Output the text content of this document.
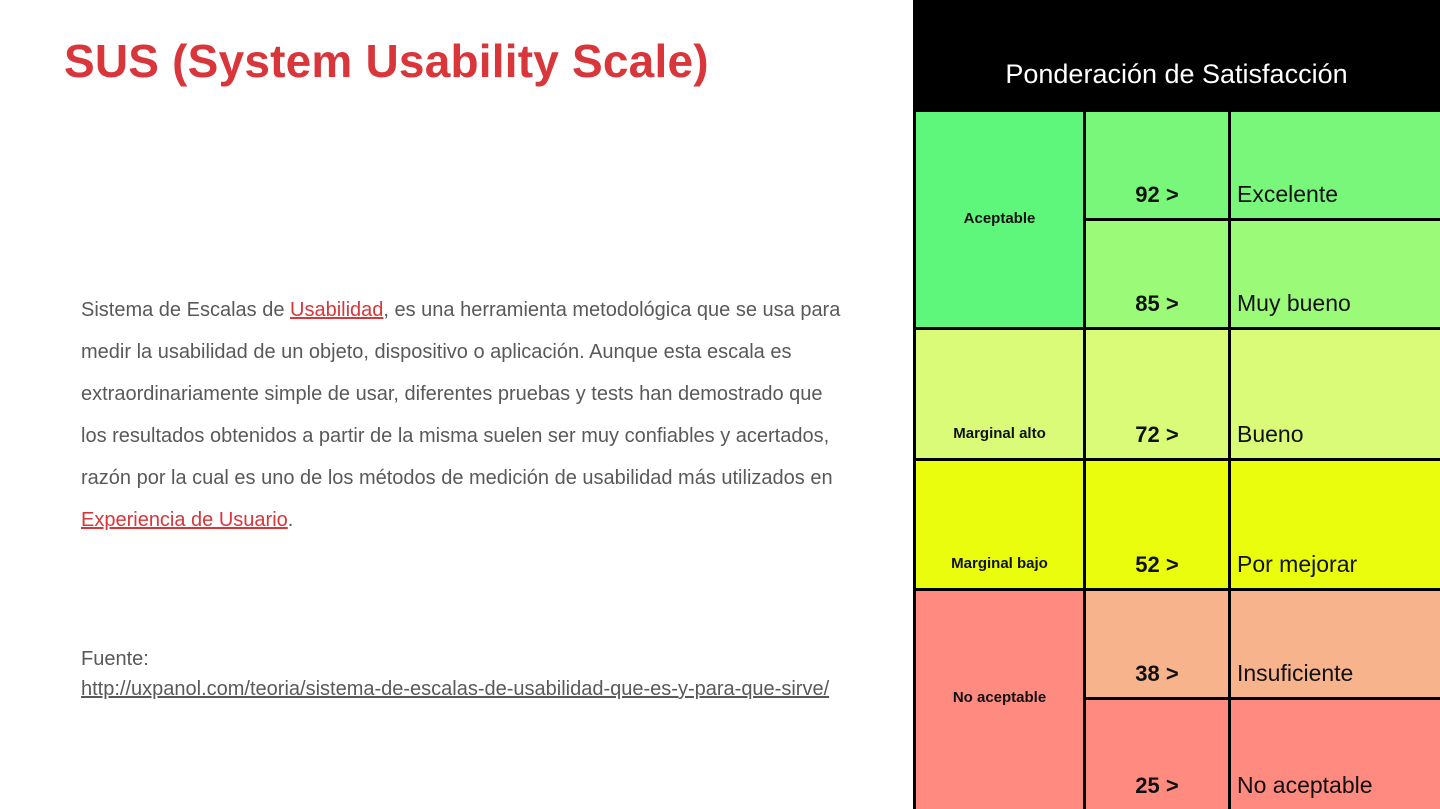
SUS (System Usability Scale)

Sistema de Escalas de Usabilidad, es una herramienta metodológica que se usa para medir la usabilidad de un objeto, dispositivo o aplicación. Aunque esta escala es extraordinariamente simple de usar, diferentes pruebas y tests han demostrado que los resultados obtenidos a partir de la misma suelen ser muy confiables y acertados, razón por la cual es uno de los métodos de medición de usabilidad más utilizados en Experiencia de Usuario.

Fuente:
http://uxpanol.com/teoria/sistema-de-escalas-de-usabilidad-que-es-y-para-que-sirve/
Ponderación de Satisfacción
Aceptable
Marginal alto
Marginal bajo
No aceptable
92 >
85 >
72 >
52 >
38 >
25 >
Excelente
Muy bueno
Bueno
Por mejorar
Insuficiente
No aceptable
